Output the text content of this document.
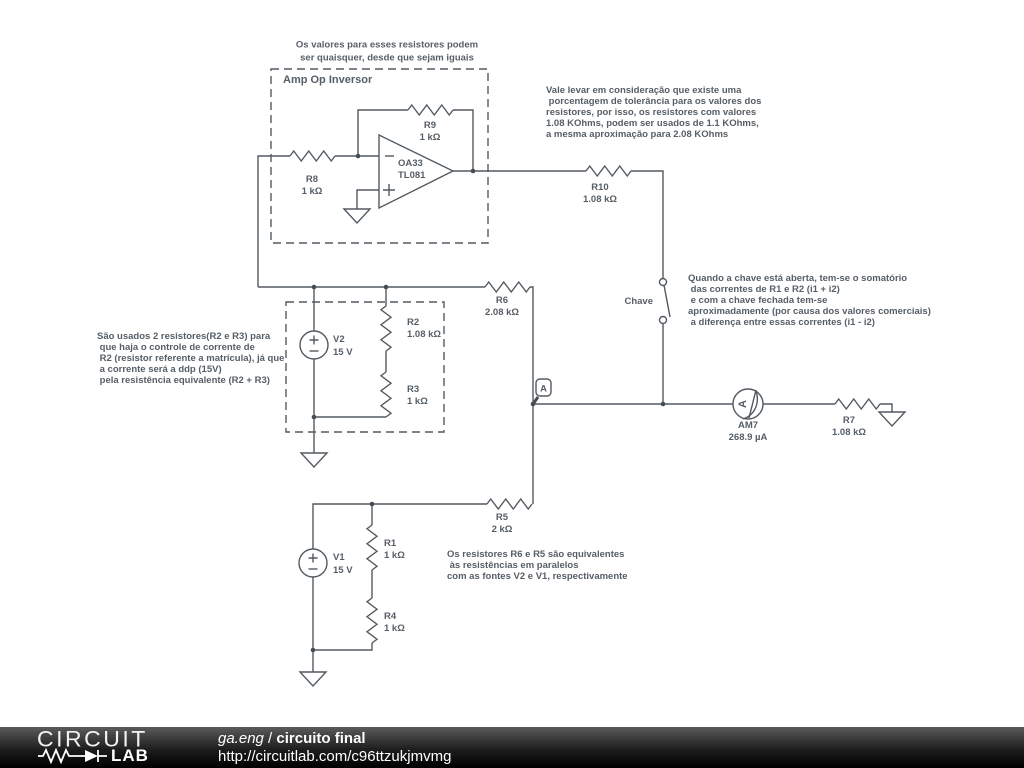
Amp Op Inversor
R8
1 kΩ
R9
1 kΩ
OA33
TL081
R10
1.08 kΩ
Chave
R6
2.08 kΩ
V2
15 V
R2
1.08 kΩ
R3
1 kΩ
A
A
AM7
268.9 µA
R7
1.08 kΩ
R5
2 kΩ
V1
15 V
R1
1 kΩ
R4
1 kΩ
Os valores para esses resistores podem
ser quaisquer, desde que sejam iguais
Vale levar em consideração que existe uma
porcentagem de tolerância para os valores dos
resistores, por isso, os resistores com valores
1.08 KOhms, podem ser usados de 1.1 KOhms,
a mesma aproximação para 2.08 KOhms
Quando a chave está aberta, tem-se o somatório
das correntes de R1 e R2 (i1 + i2)
e com a chave fechada tem-se
aproximadamente (por causa dos valores comerciais)
a diferença entre essas correntes (i1 - i2)
São usados 2 resistores(R2 e R3) para
que haja o controle de corrente de
R2 (resistor referente a matrícula), já que
a corrente será a ddp (15V)
pela resistência equivalente (R2 + R3)
Os resistores R6 e R5 são equivalentes
às resistências em paralelos
com as fontes V2 e V1, respectivamente
CIRCUIT
LAB
ga.eng / circuito final
http://circuitlab.com/c96ttzukjmvmg
